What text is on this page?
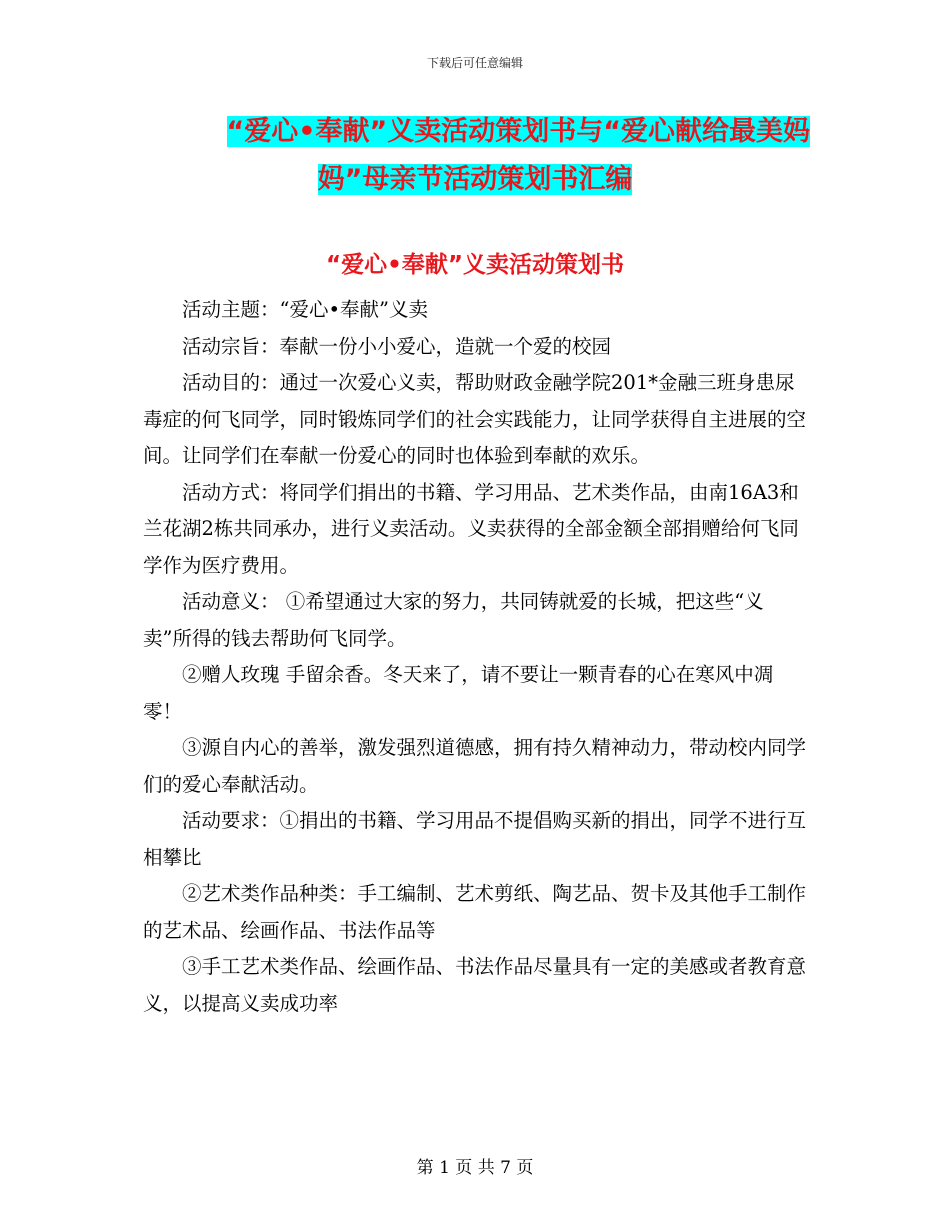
下载后可任意编辑
“爱心•奉献”义卖活动策划书与“爱心献给最美妈
妈”母亲节活动策划书汇编
“爱心•奉献”义卖活动策划书

活动主题：“爱心•奉献”义卖

活动宗旨：奉献一份小小爱心，造就一个爱的校园

活动目的：通过一次爱心义卖，帮助财政金融学院201*金融三班身患尿毒症的何飞同学，同时锻炼同学们的社会实践能力，让同学获得自主进展的空间。让同学们在奉献一份爱心的同时也体验到奉献的欢乐。

活动方式：将同学们捐出的书籍、学习用品、艺术类作品，由南16A3和兰花湖2栋共同承办，进行义卖活动。义卖获得的全部金额全部捐赠给何飞同学作为医疗费用。

活动意义： ①希望通过大家的努力，共同铸就爱的长城，把这些“义卖”所得的钱去帮助何飞同学。

②赠人玫瑰 手留余香。冬天来了，请不要让一颗青春的心在寒风中凋零！

③源自内心的善举，激发强烈道德感，拥有持久精神动力，带动校内同学们的爱心奉献活动。

活动要求：①捐出的书籍、学习用品不提倡购买新的捐出，同学不进行互相攀比

②艺术类作品种类：手工编制、艺术剪纸、陶艺品、贺卡及其他手工制作的艺术品、绘画作品、书法作品等

③手工艺术类作品、绘画作品、书法作品尽量具有一定的美感或者教育意义，以提高义卖成功率

第 1 页 共 7 页
